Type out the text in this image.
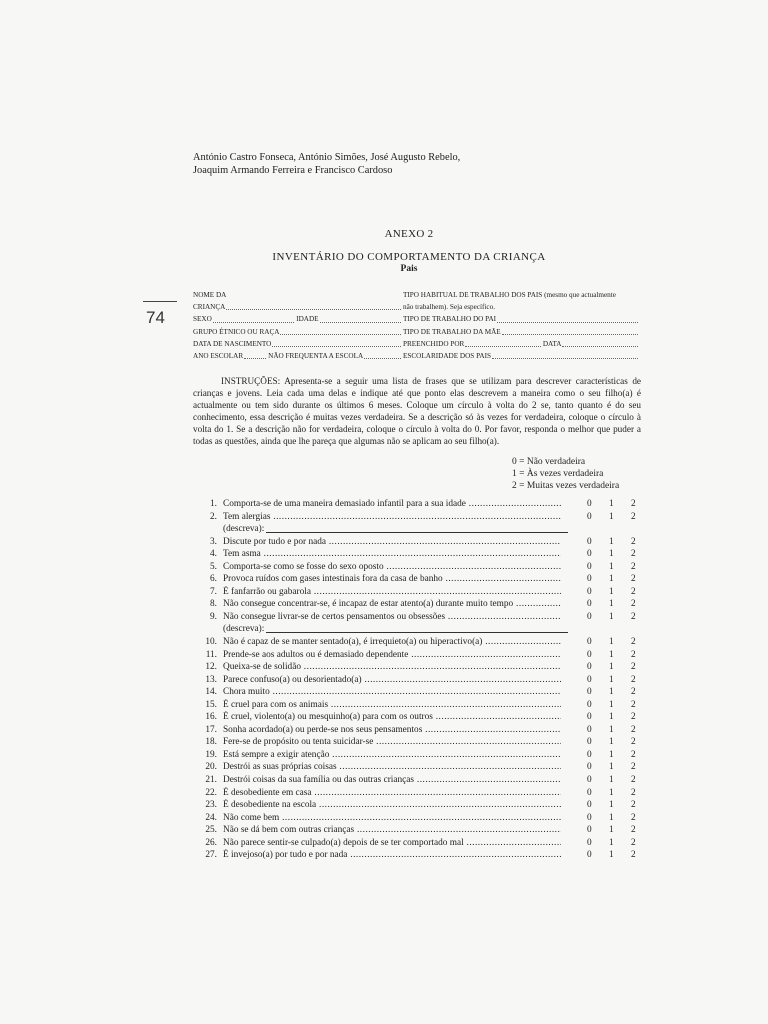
António Castro Fonseca, António Simões, José Augusto Rebelo,
Joaquim Armando Ferreira e Francisco Cardoso
74
ANEXO 2
INVENTÁRIO DO COMPORTAMENTO DA CRIANÇA
Pais
NOME DA	TIPO HABITUAL DE TRABALHO DOS PAIS (mesmo que actualmente
CRIANÇA	não trabalhem). Seja específico.
SEXO	IDADE	TIPO DE TRABALHO DO PAI
GRUPO ÉTNICO OU RAÇA	TIPO DE TRABALHO DA MÃE
DATA DE NASCIMENTO	PREENCHIDO POR	DATA
ANO ESCOLAR	NÃO FREQUENTA A ESCOLA	ESCOLARIDADE DOS PAIS
INSTRUÇÕES: Apresenta-se a seguir uma lista de frases que se utilizam para descrever características de crianças e jovens. Leia cada uma delas e indique até que ponto elas descrevem a maneira como o seu filho(a) é actualmente ou tem sido durante os últimos 6 meses. Coloque um círculo à volta do 2 se, tanto quanto é do seu conhecimento, essa descrição é muitas vezes verdadeira. Se a descrição só às vezes for verdadeira, coloque o círculo à volta do 1. Se a descrição não for verdadeira, coloque o círculo à volta do 0. Por favor, responda o melhor que puder a todas as questões, ainda que lhe pareça que algumas não se aplicam ao seu filho(a).
0 = Não verdadeira
1 = Às vezes verdadeira
2 = Muitas vezes verdadeira
1. Comporta-se de uma maneira demasiado infantil para a sua idade .....	0 1 2
2. Tem alergias .....	0 1 2
(descreva):
3. Discute por tudo e por nada .....	0 1 2
4. Tem asma .....	0 1 2
5. Comporta-se como se fosse do sexo oposto .....	0 1 2
6. Provoca ruídos com gases intestinais fora da casa de banho .....	0 1 2
7. É fanfarrão ou gabarola .....	0 1 2
8. Não consegue concentrar-se, é incapaz de estar atento(a) durante muito tempo .....	0 1 2
9. Não consegue livrar-se de certos pensamentos ou obsessões .....	0 1 2
(descreva):
10. Não é capaz de se manter sentado(a), é irrequieto(a) ou hiperactivo(a) .....	0 1 2
11. Prende-se aos adultos ou é demasiado dependente .....	0 1 2
12. Queixa-se de solidão .....	0 1 2
13. Parece confuso(a) ou desorientado(a) .....	0 1 2
14. Chora muito .....	0 1 2
15. É cruel para com os animais .....	0 1 2
16. É cruel, violento(a) ou mesquinho(a) para com os outros .....	0 1 2
17. Sonha acordado(a) ou perde-se nos seus pensamentos .....	0 1 2
18. Fere-se de propósito ou tenta suicidar-se .....	0 1 2
19. Está sempre a exigir atenção .....	0 1 2
20. Destrói as suas próprias coisas .....	0 1 2
21. Destrói coisas da sua família ou das outras crianças .....	0 1 2
22. É desobediente em casa .....	0 1 2
23. É desobediente na escola .....	0 1 2
24. Não come bem .....	0 1 2
25. Não se dá bem com outras crianças .....	0 1 2
26. Não parece sentir-se culpado(a) depois de se ter comportado mal .....	0 1 2
27. É invejoso(a) por tudo e por nada .....	0 1 2
